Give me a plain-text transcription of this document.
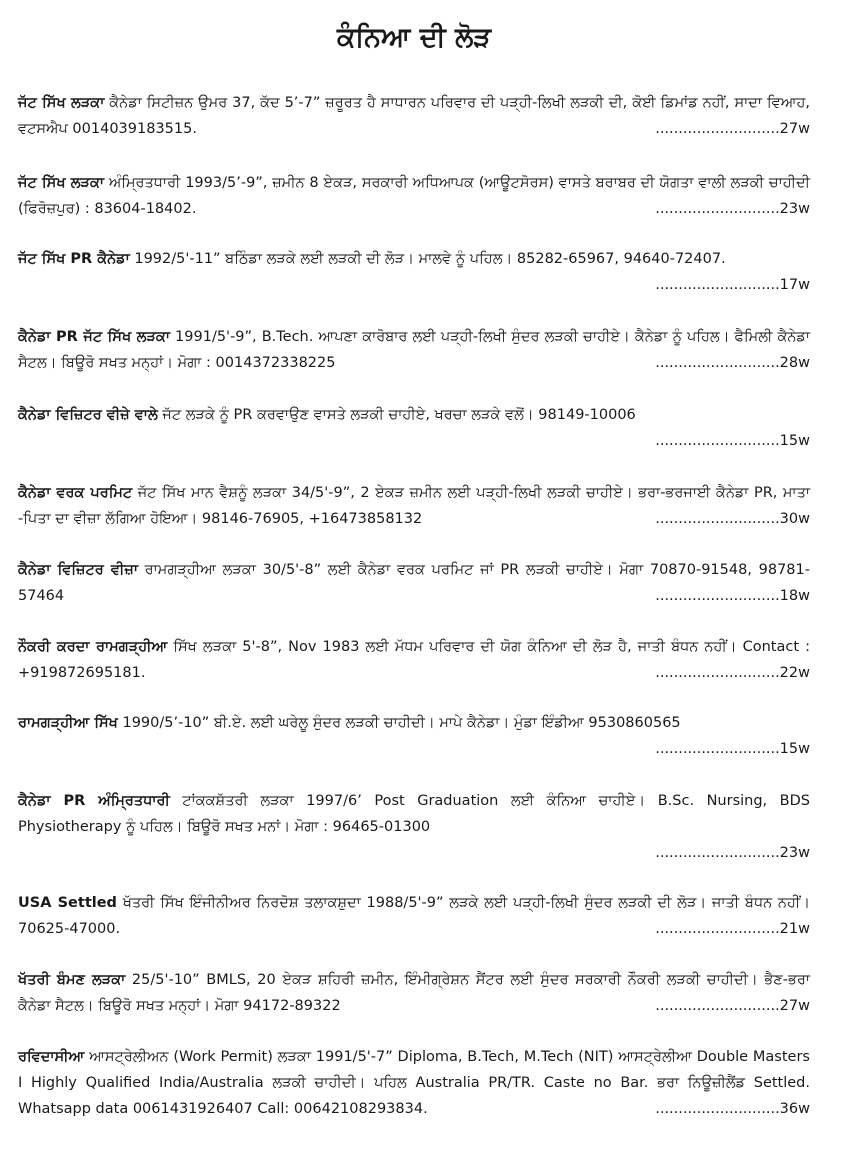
ਕੰਨਿਆ ਦੀ ਲੋੜ
ਜੱਟ ਸਿੱਖ ਲੜਕਾ ਕੈਨੇਡਾ ਸਿਟੀਜ਼ਨ ਉਮਰ 37, ਕੱਦ 5’-7” ਜ਼ਰੂਰਤ ਹੈ ਸਾਧਾਰਨ ਪਰਿਵਾਰ ਦੀ ਪੜ੍ਹੀ-ਲਿਖੀ ਲੜਕੀ ਦੀ, ਕੋਈ ਡਿਮਾਂਡ ਨਹੀਂ, ਸਾਦਾ ਵਿਆਹ, ਵਟਸਐਪ 0014039183515.	...........................27w
ਜੱਟ ਸਿੱਖ ਲੜਕਾ ਅੰਮ੍ਰਿਤਧਾਰੀ 1993/5’-9”, ਜ਼ਮੀਨ 8 ਏਕੜ, ਸਰਕਾਰੀ ਅਧਿਆਪਕ (ਆਊਟਸੋਰਸ) ਵਾਸਤੇ ਬਰਾਬਰ ਦੀ ਯੋਗਤਾ ਵਾਲੀ ਲੜਕੀ ਚਾਹੀਦੀ (ਫਿਰੋਜ਼ਪੁਰ) : 83604-18402.	...........................23w
ਜੱਟ ਸਿੱਖ PR ਕੈਨੇਡਾ 1992/5'-11” ਬਠਿੰਡਾ ਲੜਕੇ ਲਈ ਲੜਕੀ ਦੀ ਲੋੜ। ਮਾਲਵੇ ਨੂੰ ਪਹਿਲ। 85282-65967, 94640-72407.
...........................17w
ਕੈਨੇਡਾ PR ਜੱਟ ਸਿੱਖ ਲੜਕਾ 1991/5'-9”, B.Tech. ਆਪਣਾ ਕਾਰੋਬਾਰ ਲਈ ਪੜ੍ਹੀ-ਲਿਖੀ ਸੁੰਦਰ ਲੜਕੀ ਚਾਹੀਏ। ਕੈਨੇਡਾ ਨੂੰ ਪਹਿਲ। ਫੈਮਿਲੀ ਕੈਨੇਡਾ ਸੈਟਲ। ਬਿਊਰੋ ਸਖਤ ਮਨ੍ਹਾਂ। ਮੋਗਾ : 0014372338225	...........................28w
ਕੈਨੇਡਾ ਵਿਜ਼ਿਟਰ ਵੀਜ਼ੇ ਵਾਲੇ ਜੱਟ ਲੜਕੇ ਨੂੰ PR ਕਰਵਾਉਣ ਵਾਸਤੇ ਲੜਕੀ ਚਾਹੀਏ, ਖਰਚਾ ਲੜਕੇ ਵਲੋਂ। 98149-10006
...........................15w
ਕੈਨੇਡਾ ਵਰਕ ਪਰਮਿਟ ਜੱਟ ਸਿੱਖ ਮਾਨ ਵੈਸ਼ਨੂੰ ਲੜਕਾ 34/5'-9”, 2 ਏਕੜ ਜ਼ਮੀਨ ਲਈ ਪੜ੍ਹੀ-ਲਿਖੀ ਲੜਕੀ ਚਾਹੀਏ। ਭਰਾ-ਭਰਜਾਈ ਕੈਨੇਡਾ PR, ਮਾਤਾ -ਪਿਤਾ ਦਾ ਵੀਜ਼ਾ ਲੱਗਿਆ ਹੋਇਆ। 98146-76905, +16473858132	...........................30w
ਕੈਨੇਡਾ ਵਿਜ਼ਿਟਰ ਵੀਜ਼ਾ ਰਾਮਗੜ੍ਹੀਆ ਲੜਕਾ 30/5'-8” ਲਈ ਕੈਨੇਡਾ ਵਰਕ ਪਰਮਿਟ ਜਾਂ PR ਲੜਕੀ ਚਾਹੀਏ। ਮੋਗਾ 70870-91548, 98781-57464	...........................18w
ਨੌਕਰੀ ਕਰਦਾ ਰਾਮਗੜ੍ਹੀਆ ਸਿੱਖ ਲੜਕਾ 5'-8”, Nov 1983 ਲਈ ਮੱਧਮ ਪਰਿਵਾਰ ਦੀ ਯੋਗ ਕੰਨਿਆ ਦੀ ਲੋੜ ਹੈ, ਜਾਤੀ ਬੰਧਨ ਨਹੀਂ। Contact : +919872695181.	...........................22w
ਰਾਮਗੜ੍ਹੀਆ ਸਿੱਖ 1990/5’-10” ਬੀ.ਏ. ਲਈ ਘਰੇਲੂ ਸੁੰਦਰ ਲੜਕੀ ਚਾਹੀਦੀ। ਮਾਪੇ ਕੈਨੇਡਾ। ਮੁੰਡਾ ਇੰਡੀਆ 9530860565
...........................15w
ਕੈਨੇਡਾ PR ਅੰਮ੍ਰਿਤਧਾਰੀ ਟਾਂਕਕਸ਼ੱਤਰੀ ਲੜਕਾ 1997/6’ Post Graduation ਲਈ ਕੰਨਿਆ ਚਾਹੀਏ। B.Sc. Nursing, BDS Physiotherapy ਨੂੰ ਪਹਿਲ। ਬਿਊਰੋ ਸਖਤ ਮਨਾਂ। ਮੋਗਾ : 96465-01300
...........................23w
USA Settled ਖੱਤਰੀ ਸਿੱਖ ਇੰਜੀਨੀਅਰ ਨਿਰਦੋਸ਼ ਤਲਾਕਸ਼ੁਦਾ 1988/5'-9” ਲੜਕੇ ਲਈ ਪੜ੍ਹੀ-ਲਿਖੀ ਸੁੰਦਰ ਲੜਕੀ ਦੀ ਲੋੜ। ਜਾਤੀ ਬੰਧਨ ਨਹੀਂ। 70625-47000.	...........................21w
ਖੱਤਰੀ ਬੰਮਣ ਲੜਕਾ 25/5'-10” BMLS, 20 ਏਕੜ ਸ਼ਹਿਰੀ ਜ਼ਮੀਨ, ਇੰਮੀਗ੍ਰੇਸ਼ਨ ਸੈਂਟਰ ਲਈ ਸੁੰਦਰ ਸਰਕਾਰੀ ਨੌਕਰੀ ਲੜਕੀ ਚਾਹੀਦੀ। ਭੈਣ-ਭਰਾ ਕੈਨੇਡਾ ਸੈਟਲ। ਬਿਊਰੋ ਸਖਤ ਮਨ੍ਹਾਂ। ਮੋਗਾ 94172-89322	...........................27w
ਰਵਿਦਾਸੀਆ ਆਸਟ੍ਰੇਲੀਅਨ (Work Permit) ਲੜਕਾ 1991/5'-7” Diploma, B.Tech, M.Tech (NIT) ਆਸਟ੍ਰੇਲੀਆ Double Masters I Highly Qualified India/Australia ਲੜਕੀ ਚਾਹੀਦੀ। ਪਹਿਲ Australia PR/TR. Caste no Bar. ਭਰਾ ਨਿਊਜ਼ੀਲੈਂਡ Settled. Whatsapp data 0061431926407 Call: 00642108293834.	...........................36w
